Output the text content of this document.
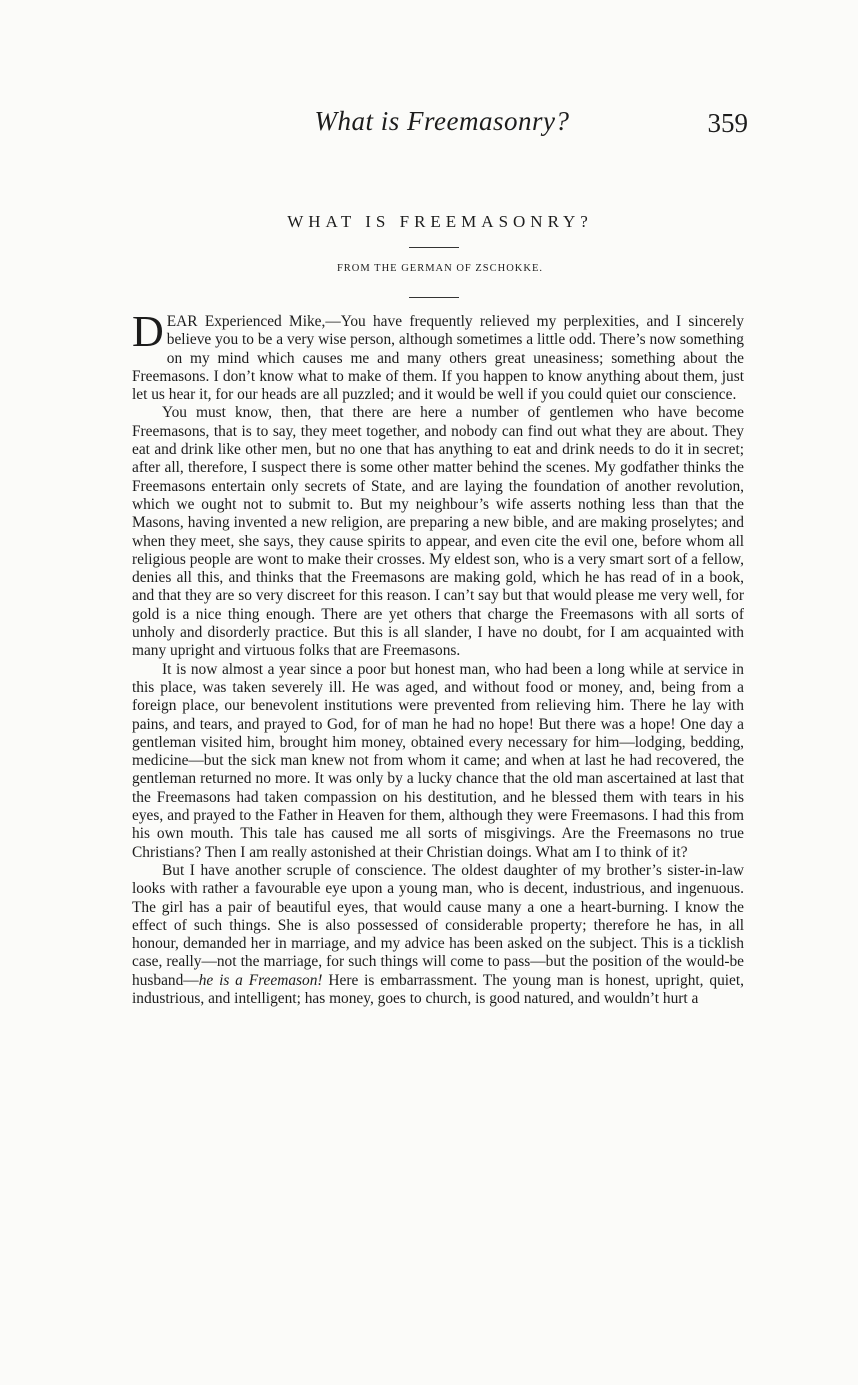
What is Freemasonry?	359
WHAT IS FREEMASONRY?
FROM THE GERMAN OF ZSCHOKKE.

DEAR Experienced Mike,—You have frequently relieved my perplexities, and I sincerely believe you to be a very wise person, although sometimes a little odd. There’s now something on my mind which causes me and many others great uneasiness; something about the Freemasons. I don’t know what to make of them. If you happen to know anything about them, just let us hear it, for our heads are all puzzled; and it would be well if you could quiet our conscience.

You must know, then, that there are here a number of gentlemen who have become Freemasons, that is to say, they meet together, and nobody can find out what they are about. They eat and drink like other men, but no one that has anything to eat and drink needs to do it in secret; after all, therefore, I suspect there is some other matter behind the scenes. My godfather thinks the Freemasons entertain only secrets of State, and are laying the foundation of another revolution, which we ought not to submit to. But my neighbour’s wife asserts nothing less than that the Masons, having invented a new religion, are preparing a new bible, and are making proselytes; and when they meet, she says, they cause spirits to appear, and even cite the evil one, before whom all religious people are wont to make their crosses. My eldest son, who is a very smart sort of a fellow, denies all this, and thinks that the Freemasons are making gold, which he has read of in a book, and that they are so very discreet for this reason. I can’t say but that would please me very well, for gold is a nice thing enough. There are yet others that charge the Freemasons with all sorts of unholy and disorderly practice. But this is all slander, I have no doubt, for I am acquainted with many upright and virtuous folks that are Freemasons.

It is now almost a year since a poor but honest man, who had been a long while at service in this place, was taken severely ill. He was aged, and without food or money, and, being from a foreign place, our benevolent institutions were prevented from relieving him. There he lay with pains, and tears, and prayed to God, for of man he had no hope! But there was a hope! One day a gentleman visited him, brought him money, obtained every necessary for him—lodging, bedding, medicine—but the sick man knew not from whom it came; and when at last he had recovered, the gentleman returned no more. It was only by a lucky chance that the old man ascertained at last that the Freemasons had taken compassion on his destitution, and he blessed them with tears in his eyes, and prayed to the Father in Heaven for them, although they were Freemasons. I had this from his own mouth. This tale has caused me all sorts of misgivings. Are the Freemasons no true Christians? Then I am really astonished at their Christian doings. What am I to think of it?

But I have another scruple of conscience. The oldest daughter of my brother’s sister-in-law looks with rather a favourable eye upon a young man, who is decent, industrious, and ingenuous. The girl has a pair of beautiful eyes, that would cause many a one a heart-burning. I know the effect of such things. She is also possessed of considerable property; therefore he has, in all honour, demanded her in marriage, and my advice has been asked on the subject. This is a ticklish case, really—not the marriage, for such things will come to pass—but the position of the would-be husband—he is a Freemason! Here is embarrassment. The young man is honest, upright, quiet, industrious, and intelligent; has money, goes to church, is good natured, and wouldn’t hurt a
